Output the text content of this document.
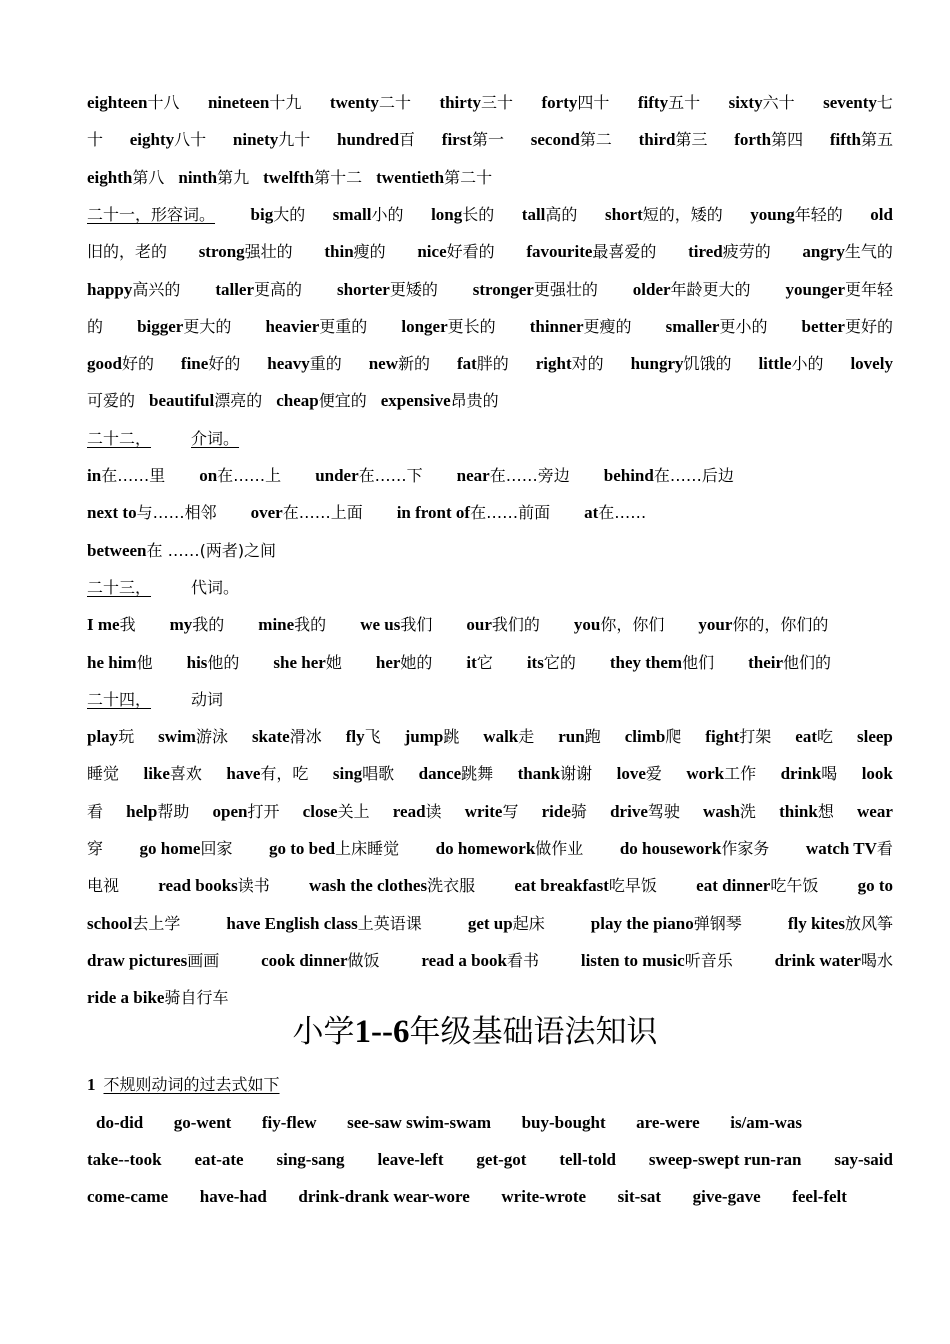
eighteen十八 nineteen十九 twenty二十 thirty三十 forty四十 fifty五十 sixty六十 seventy七
十 eighty八十 ninety九十 hundred百 first第一 second第二 third第三 forth第四 fifth第五
eighth第八 ninth第九 twelfth第十二 twentieth第二十
二十一，形容词。	big大的 small小的 long长的 tall高的 short短的，矮的 young年轻的 old
旧的，老的 strong强壮的 thin瘦的 nice好看的 favourite最喜爱的 tired疲劳的 angry生气的
happy高兴的 taller更高的 shorter更矮的 stronger更强壮的 older年龄更大的 younger更年轻
的 bigger更大的 heavier更重的 longer更长的 thinner更瘦的 smaller更小的 better更好的
good好的 fine好的 heavy重的 new新的 fat胖的 right对的 hungry饥饿的 little小的 lovely
可爱的 beautiful漂亮的 cheap便宜的 expensive昂贵的
二十二，	介词。
in在……里 on在……上 under在……下 near在……旁边 behind在……后边
next to与……相邻 over在……上面 in front of在……前面 at在……
between在 ……(两者)之间
二十三，	代词。
I me我 my我的 mine我的 we us我们 our我们的 you你，你们 your你的，你们的
he him他 his他的 she her她 her她的 it它 its它的 they them他们 their他们的
二十四，	动词
play玩 swim游泳 skate滑冰 fly飞 jump跳 walk走 run跑 climb爬 fight打架 eat吃 sleep
睡觉 like喜欢 have有，吃 sing唱歌 dance跳舞 thank谢谢 love爱 work工作 drink喝 look
看 help帮助 open打开 close关上 read读 write写 ride骑 drive驾驶 wash洗 think想 wear
穿 go home回家 go to bed上床睡觉 do homework做作业 do housework作家务 watch TV看
电视 read books读书 wash the clothes洗衣服 eat breakfast吃早饭 eat dinner吃午饭 go to
school去上学	have English class上英语课	get up起床	play the piano弹钢琴	fly kites放风筝
draw pictures画画 cook dinner做饭 read a book看书 listen to music听音乐 drink water喝水
ride a bike骑自行车
小学1--6年级基础语法知识
1 不规则动词的过去式如下
do-did go-went fiy-flew see-saw swim-swam buy-bought are-were is/am-was
take--took eat-ate sing-sang leave-left get-got tell-told sweep-swept run-ran say-said
come-came have-had drink-drank wear-wore write-wrote sit-sat give-gave feel-felt
